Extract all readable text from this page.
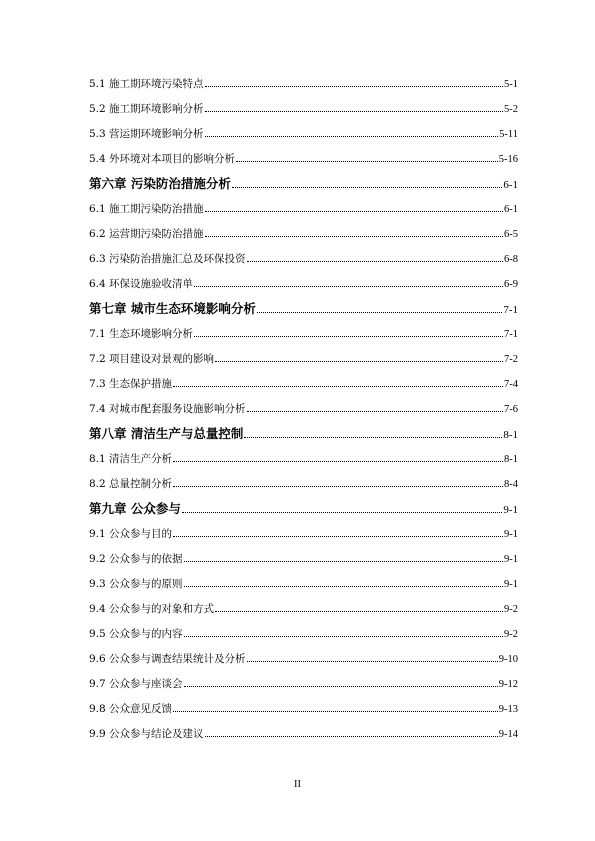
5.1 施工期环境污染特点	5-1
5.2 施工期环境影响分析	5-2
5.3 营运期环境影响分析	5-11
5.4 外环境对本项目的影响分析	5-16
第六章 污染防治措施分析	6-1
6.1 施工期污染防治措施	6-1
6.2 运营期污染防治措施	6-5
6.3 污染防治措施汇总及环保投资	6-8
6.4 环保设施验收清单	6-9
第七章 城市生态环境影响分析	7-1
7.1 生态环境影响分析	7-1
7.2 项目建设对景观的影响	7-2
7.3 生态保护措施	7-4
7.4 对城市配套服务设施影响分析	7-6
第八章 清洁生产与总量控制	8-1
8.1 清洁生产分析	8-1
8.2 总量控制分析	8-4
第九章 公众参与	9-1
9.1 公众参与目的	9-1
9.2 公众参与的依据	9-1
9.3 公众参与的原则	9-1
9.4 公众参与的对象和方式	9-2
9.5 公众参与的内容	9-2
9.6 公众参与调查结果统计及分析	9-10
9.7 公众参与座谈会	9-12
9.8 公众意见反馈	9-13
9.9 公众参与结论及建议	9-14
II
